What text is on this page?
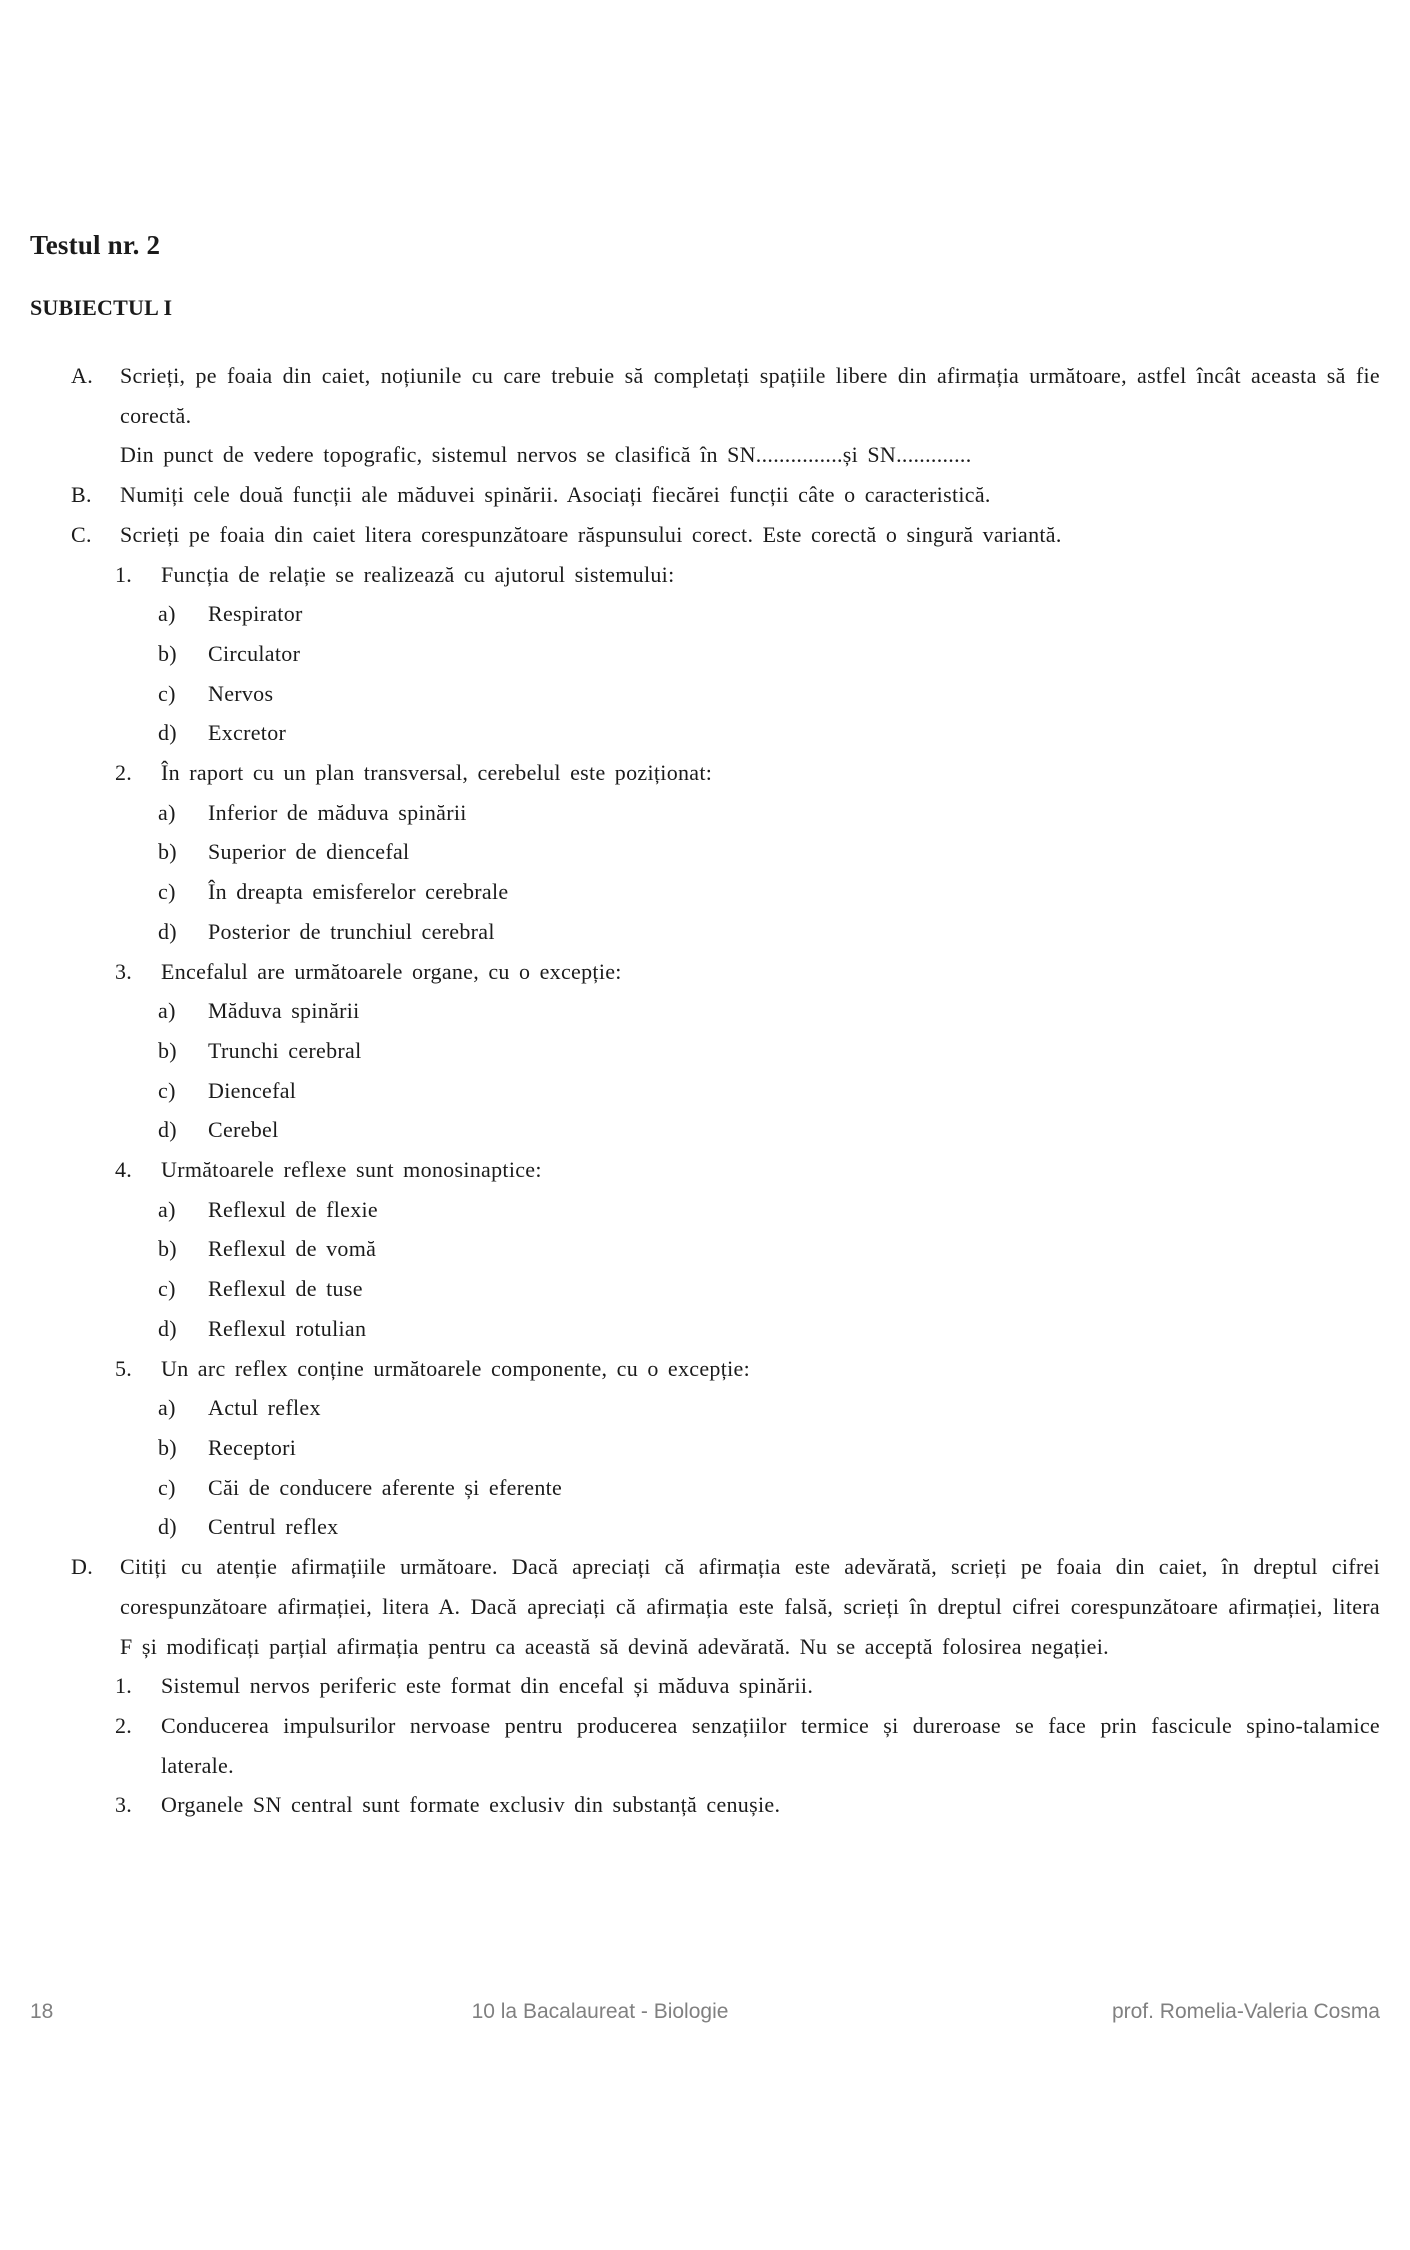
Testul nr. 2
SUBIECTUL I
A. Scrieți, pe foaia din caiet, noțiunile cu care trebuie să completați spațiile libere din afirmația următoare, astfel încât aceasta să fie corectă.
Din punct de vedere topografic, sistemul nervos se clasifică în SN...............și SN.............
B. Numiți cele două funcții ale măduvei spinării. Asociați fiecărei funcții câte o caracteristică.
C. Scrieți pe foaia din caiet litera corespunzătoare răspunsului corect. Este corectă o singură variantă.
1. Funcția de relație se realizează cu ajutorul sistemului:
a) Respirator
b) Circulator
c) Nervos
d) Excretor
2. În raport cu un plan transversal, cerebelul este poziționat:
a) Inferior de măduva spinării
b) Superior de diencefal
c) În dreapta emisferelor cerebrale
d) Posterior de trunchiul cerebral
3. Encefalul are următoarele organe, cu o excepție:
a) Măduva spinării
b) Trunchi cerebral
c) Diencefal
d) Cerebel
4. Următoarele reflexe sunt monosinaptice:
a) Reflexul de flexie
b) Reflexul de vomă
c) Reflexul de tuse
d) Reflexul rotulian
5. Un arc reflex conține următoarele componente, cu o excepție:
a) Actul reflex
b) Receptori
c) Căi de conducere aferente și eferente
d) Centrul reflex
D. Citiți cu atenție afirmațiile următoare. Dacă apreciați că afirmația este adevărată, scrieți pe foaia din caiet, în dreptul cifrei corespunzătoare afirmației, litera A. Dacă apreciați că afirmația este falsă, scrieți în dreptul cifrei corespunzătoare afirmației, litera F și modificați parțial afirmația pentru ca această să devină adevărată. Nu se acceptă folosirea negației.
1. Sistemul nervos periferic este format din encefal și măduva spinării.
2. Conducerea impulsurilor nervoase pentru producerea senzațiilor termice și dureroase se face prin fascicule spino-talamice laterale.
3. Organele SN central sunt formate exclusiv din substanță cenușie.
18	10 la Bacalaureat - Biologie	prof. Romelia-Valeria Cosma
